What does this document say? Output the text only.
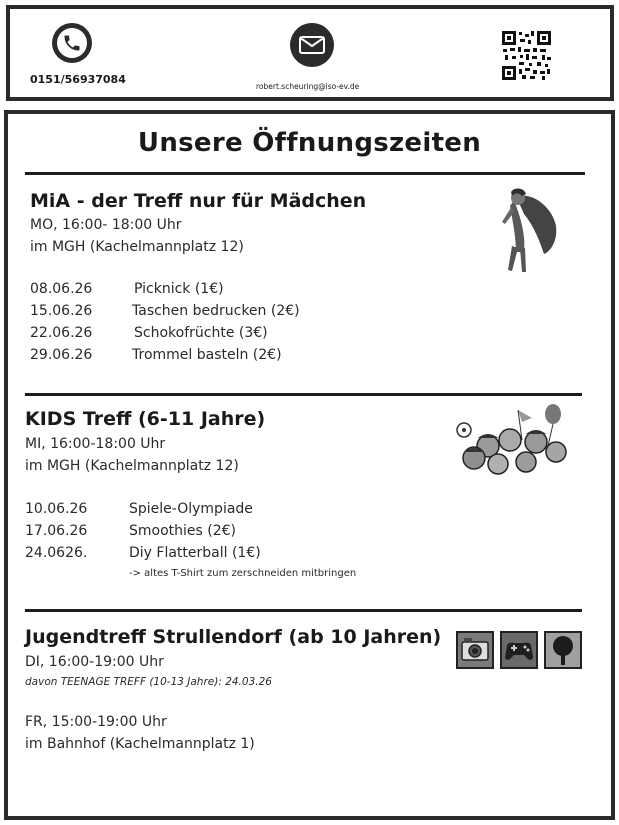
0151/56937084
robert.scheuring@iso-ev.de
Unsere Öffnungszeiten
MiA - der Treff nur für Mädchen
MO, 16:00- 18:00 Uhr
im MGH (Kachelmannplatz 12)
08.06.26	Picknick (1€)
15.06.26	Taschen bedrucken (2€)
22.06.26	Schokofrüchte (3€)
29.06.26	Trommel basteln (2€)
KIDS Treff (6-11 Jahre)
MI, 16:00-18:00 Uhr
im MGH (Kachelmannplatz 12)
10.06.26	Spiele-Olympiade
17.06.26	Smoothies (2€)
24.0626.	Diy Flatterball (1€)
-> altes T-Shirt zum zerschneiden mitbringen
Jugendtreff Strullendorf (ab 10 Jahren)
DI, 16:00-19:00 Uhr
davon TEENAGE TREFF (10-13 Jahre): 24.03.26
FR, 15:00-19:00 Uhr
im Bahnhof (Kachelmannplatz 1)
